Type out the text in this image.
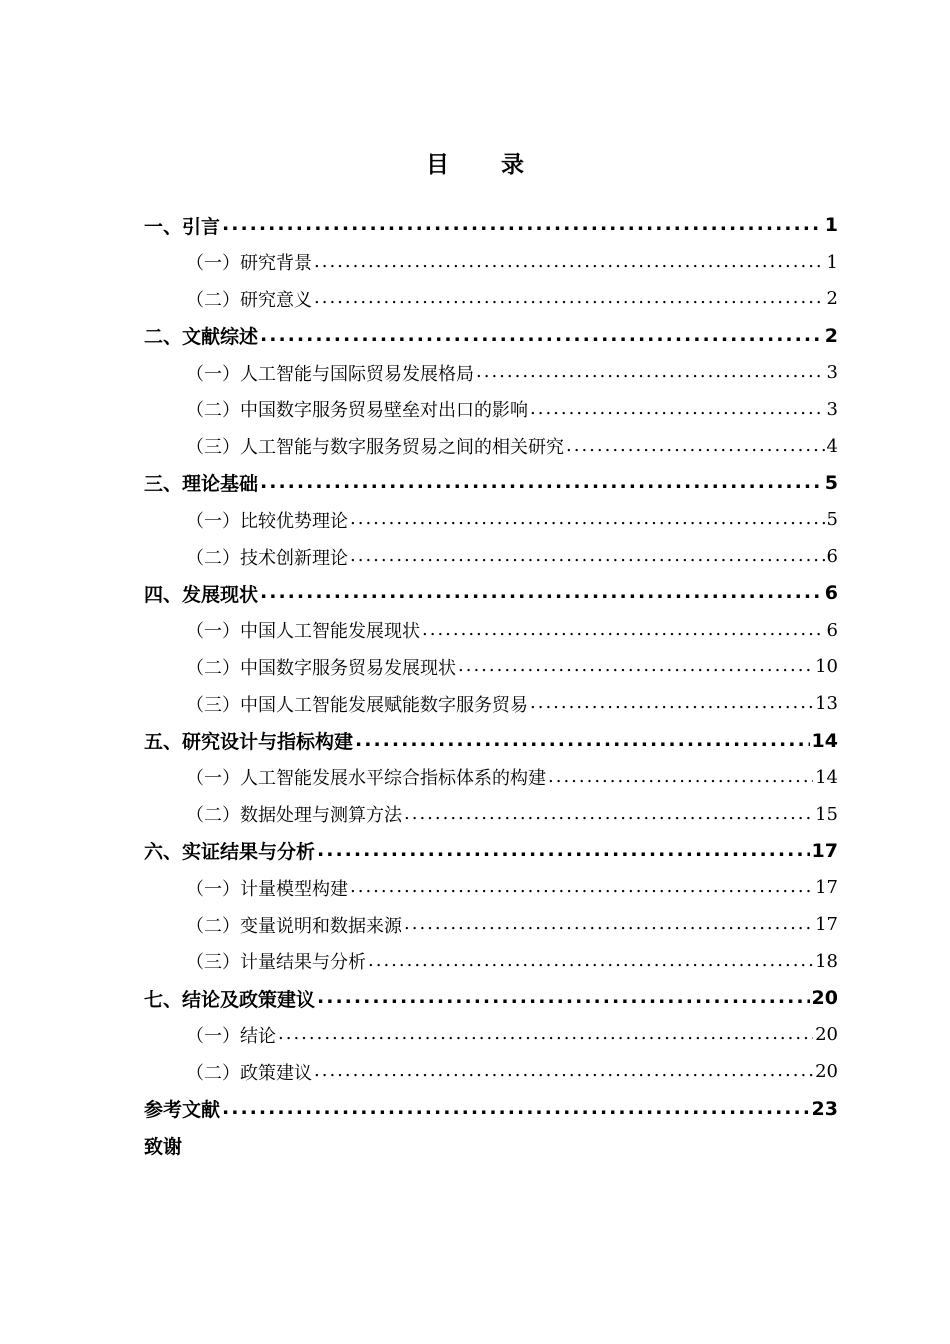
目录
一、引言 .....	1
（一）研究背景 .....	1
（二）研究意义 .....	2
二、文献综述 .....	2
（一）人工智能与国际贸易发展格局 .....	3
（二）中国数字服务贸易壁垒对出口的影响 .....	3
（三）人工智能与数字服务贸易之间的相关研究 .....	4
三、理论基础 .....	5
（一）比较优势理论 .....	5
（二）技术创新理论 .....	6
四、发展现状 .....	6
（一）中国人工智能发展现状 .....	6
（二）中国数字服务贸易发展现状 .....	10
（三）中国人工智能发展赋能数字服务贸易 .....	13
五、研究设计与指标构建 .....	14
（一）人工智能发展水平综合指标体系的构建 .....	14
（二）数据处理与测算方法 .....	15
六、实证结果与分析 .....	17
（一）计量模型构建 .....	17
（二）变量说明和数据来源 .....	17
（三）计量结果与分析 .....	18
七、结论及政策建议 .....	20
（一）结论 .....	20
（二）政策建议 .....	20
参考文献 .....	23
致谢
